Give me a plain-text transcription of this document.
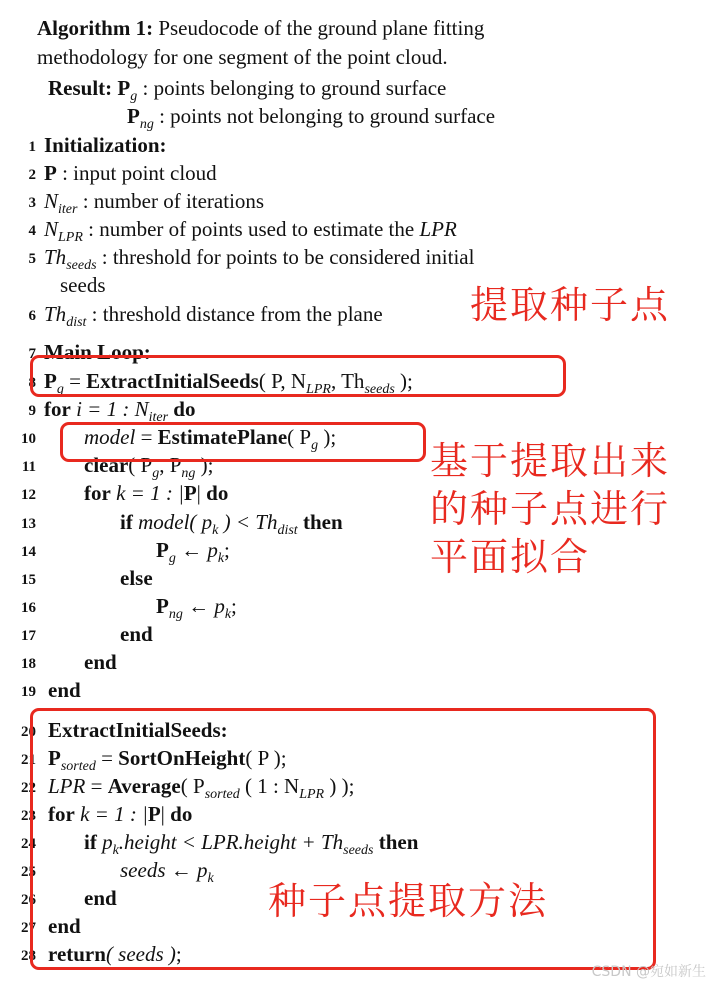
Algorithm 1: Pseudocode of the ground plane fitting methodology for one segment of the point cloud.

Result: $P_g$ : points belonging to ground surface
$P_{ng}$ : points not belonging to ground surface
1 Initialization:
2 P : input point cloud
3 $N_{iter}$ : number of iterations
4 $N_{LPR}$ : number of points used to estimate the LPR
5 $Th_{seeds}$ : threshold for points to be considered initial
seeds
6 $Th_{dist}$ : threshold distance from the plane
7 Main Loop:
8 $P_g$ = ExtractInitialSeeds( P, $N_{LPR}$, $Th_{seeds}$ );
9 for i = 1 : $N_{iter}$ do
10 model = EstimatePlane( $P_g$ );
11 clear( $P_g$, $P_{ng}$ );
12 for k = 1 : |P| do
13	if model( $p_k$ ) < $Th_{dist}$ then
14	$P_g$ ← $p_k$;
15	else
16	$P_{ng}$ ← $p_k$;
17	end
18 end
19 end
20 ExtractInitialSeeds:
21 $P_{sorted}$ = SortOnHeight( P );
22 LPR = Average( $P_{sorted}$ ( 1 : $N_{LPR}$ ) );
23 for k = 1 : |P| do
24 if $p_k.height$ < LPR.height + $Th_{seeds}$ then
25	seeds ← $p_k$
26 end
27 end
28 return( seeds );
提取种子点
基于提取出来
的种子点进行
平面拟合
种子点提取方法
CSDN @宛如新生
